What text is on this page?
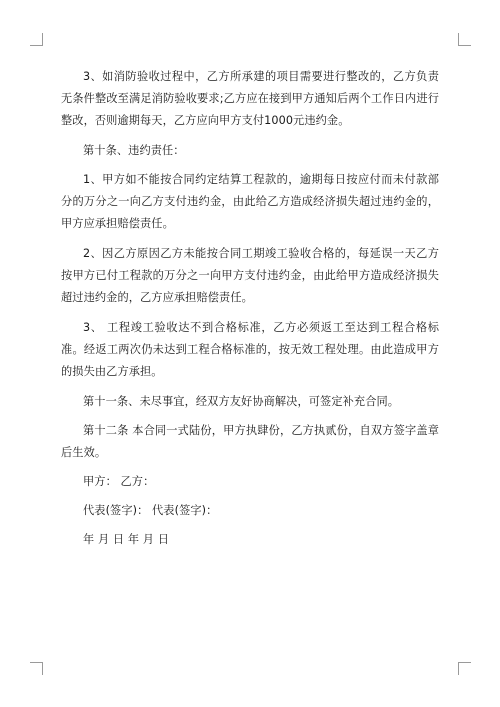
3、如消防验收过程中，乙方所承建的项目需要进行整改的，乙方负责无条件整改至满足消防验收要求;乙方应在接到甲方通知后两个工作日内进行整改，否则逾期每天，乙方应向甲方支付1000元违约金。

第十条、违约责任：

1、甲方如不能按合同约定结算工程款的，逾期每日按应付而未付款部分的万分之一向乙方支付违约金，由此给乙方造成经济损失超过违约金的，甲方应承担赔偿责任。

2、因乙方原因乙方未能按合同工期竣工验收合格的，每延误一天乙方按甲方已付工程款的万分之一向甲方支付违约金，由此给甲方造成经济损失超过违约金的，乙方应承担赔偿责任。

3、 工程竣工验收达不到合格标准，乙方必须返工至达到工程合格标准。经返工两次仍未达到工程合格标准的，按无效工程处理。由此造成甲方的损失由乙方承担。

第十一条、未尽事宜，经双方友好协商解决，可签定补充合同。

第十二条 本合同一式陆份，甲方执肆份，乙方执贰份，自双方签字盖章后生效。

甲方： 乙方：

代表(签字)： 代表(签字)：

年 月 日 年 月 日
